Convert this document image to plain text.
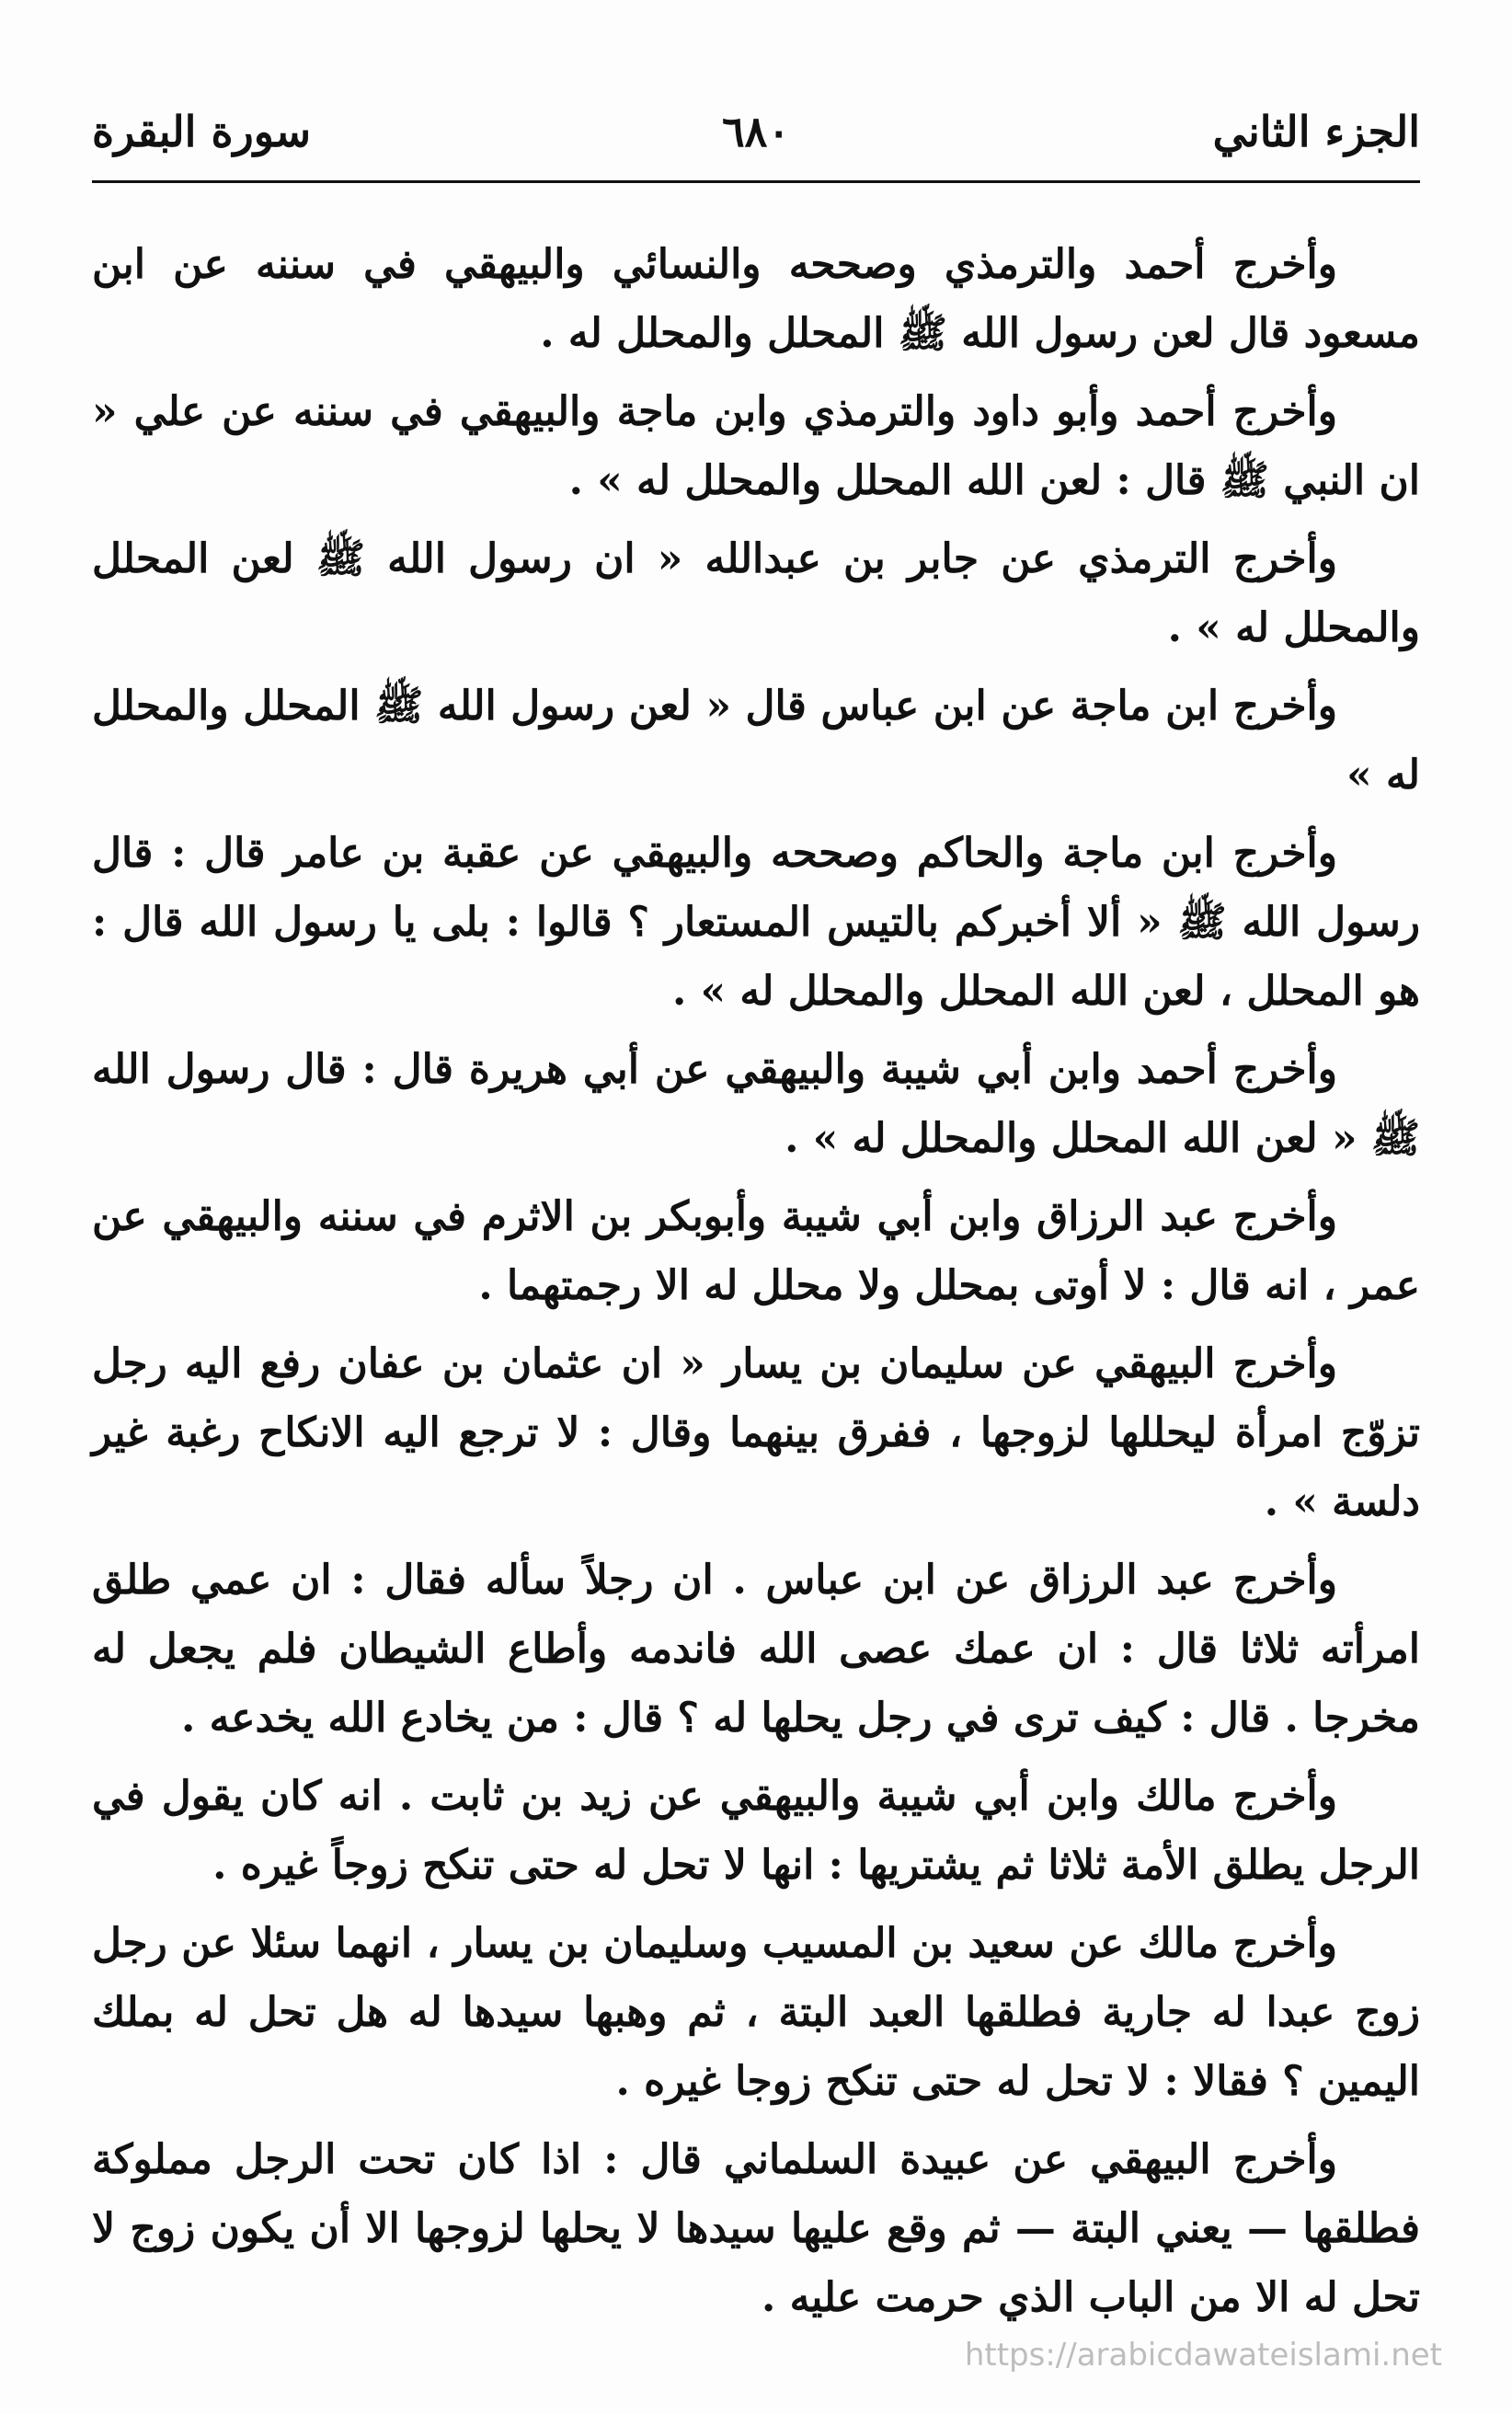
الجزء الثاني
٦٨٠
سورة البقرة

وأخرج أحمد والترمذي وصححه والنسائي والبيهقي في سننه عن ابن مسعود قال لعن رسول الله ﷺ المحلل والمحلل له .

وأخرج أحمد وأبو داود والترمذي وابن ماجة والبيهقي في سننه عن علي « ان النبي ﷺ قال : لعن الله المحلل والمحلل له » .

وأخرج الترمذي عن جابر بن عبدالله « ان رسول الله ﷺ لعن المحلل والمحلل له » .

وأخرج ابن ماجة عن ابن عباس قال « لعن رسول الله ﷺ المحلل والمحلل له »

وأخرج ابن ماجة والحاكم وصححه والبيهقي عن عقبة بن عامر قال : قال رسول الله ﷺ « ألا أخبركم بالتيس المستعار ؟ قالوا : بلى يا رسول الله قال : هو المحلل ، لعن الله المحلل والمحلل له » .

وأخرج أحمد وابن أبي شيبة والبيهقي عن أبي هريرة قال : قال رسول الله ﷺ « لعن الله المحلل والمحلل له » .

وأخرج عبد الرزاق وابن أبي شيبة وأبوبكر بن الاثرم في سننه والبيهقي عن عمر ، انه قال : لا أوتى بمحلل ولا محلل له الا رجمتهما .

وأخرج البيهقي عن سليمان بن يسار « ان عثمان بن عفان رفع اليه رجل تزوّج امرأة ليحللها لزوجها ، ففرق بينهما وقال : لا ترجع اليه الانكاح رغبة غير دلسة » .

وأخرج عبد الرزاق عن ابن عباس . ان رجلاً سأله فقال : ان عمي طلق امرأته ثلاثا قال : ان عمك عصى الله فاندمه وأطاع الشيطان فلم يجعل له مخرجا . قال : كيف ترى في رجل يحلها له ؟ قال : من يخادع الله يخدعه .

وأخرج مالك وابن أبي شيبة والبيهقي عن زيد بن ثابت . انه كان يقول في الرجل يطلق الأمة ثلاثا ثم يشتريها : انها لا تحل له حتى تنكح زوجاً غيره .

وأخرج مالك عن سعيد بن المسيب وسليمان بن يسار ، انهما سئلا عن رجل زوج عبدا له جارية فطلقها العبد البتة ، ثم وهبها سيدها له هل تحل له بملك اليمين ؟ فقالا : لا تحل له حتى تنكح زوجا غيره .

وأخرج البيهقي عن عبيدة السلماني قال : اذا كان تحت الرجل مملوكة فطلقها — يعني البتة — ثم وقع عليها سيدها لا يحلها لزوجها الا أن يكون زوج لا تحل له الا من الباب الذي حرمت عليه .

https://arabicdawateislami.net
